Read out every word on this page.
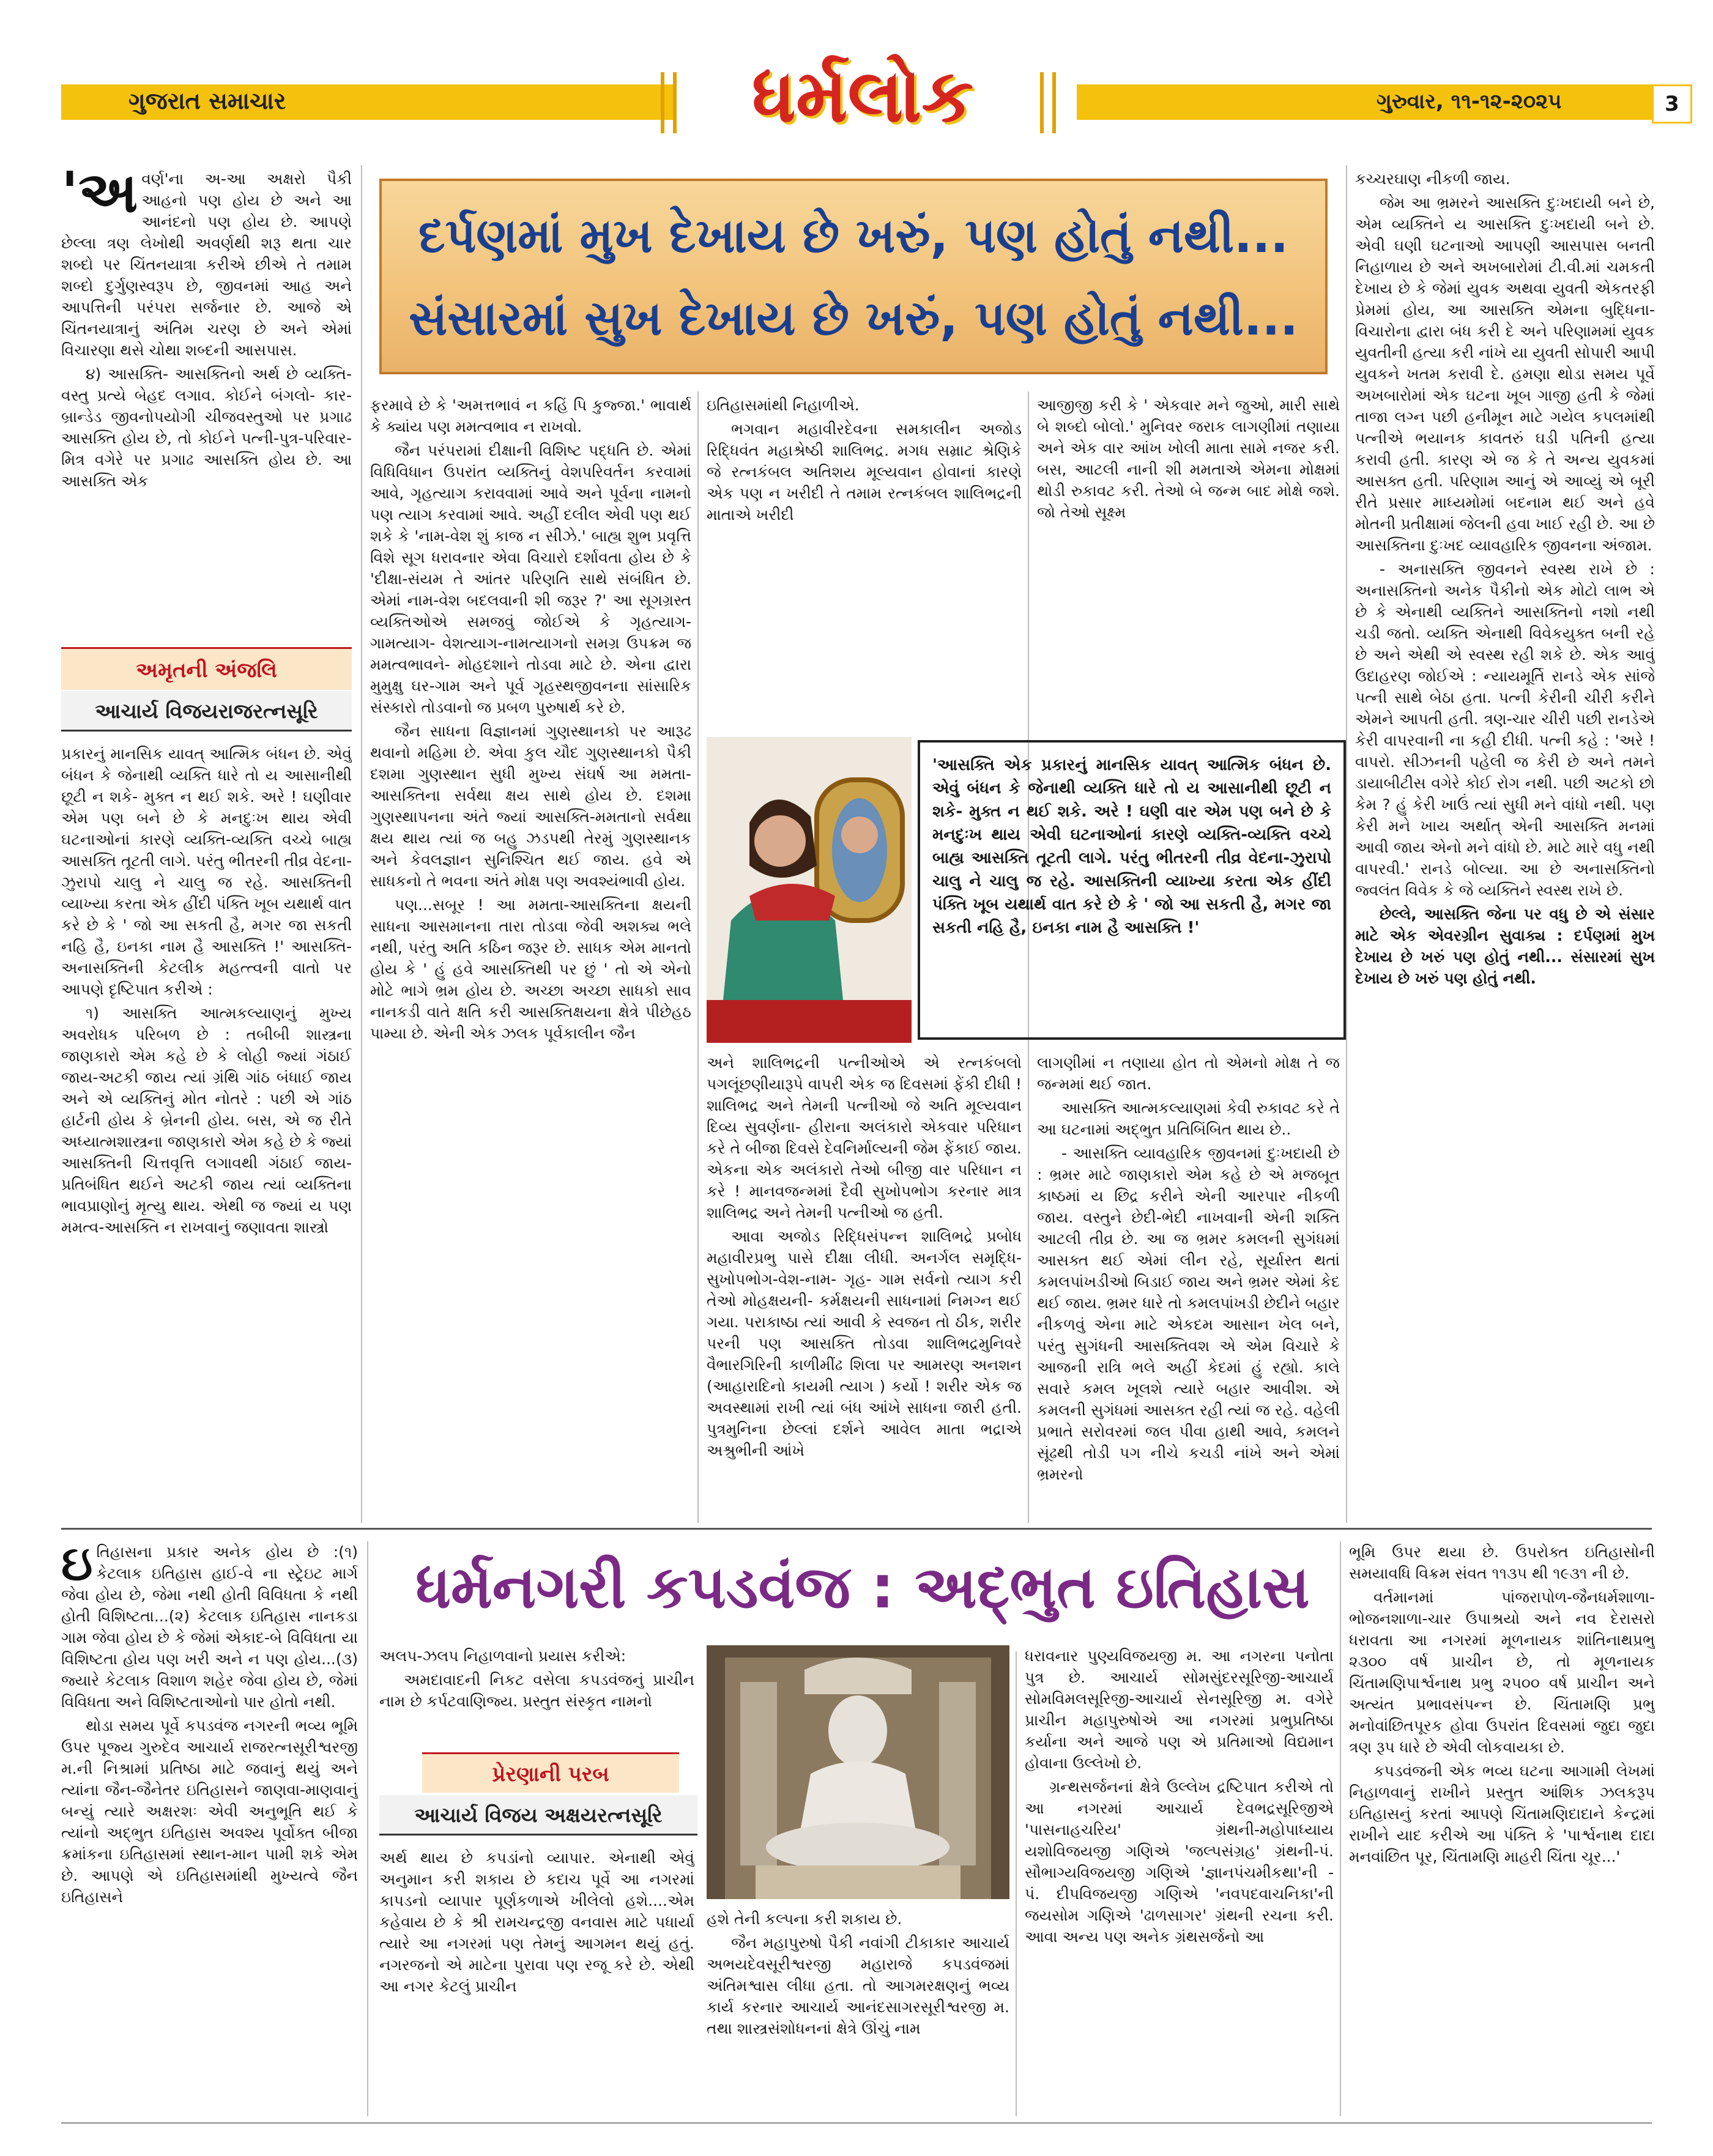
ગુજરાત સમાચાર	ધર્મલોક	ગુરુવાર, ૧૧-૧૨-૨૦૨૫	3
દર્પણમાં મુખ દેખાય છે ખરું, પણ હોતું નથી...
સંસારમાં સુખ દેખાય છે ખરું, પણ હોતું નથી...
'અ વર્ણ'ના અ-આ અક્ષરો પૈકી આહનો પણ હોય છે અને આ આનંદનો પણ હોય છે. આપણે છેલ્લા ત્રણ લેખોથી અવર્ણથી શરૂ થતા ચાર શબ્દો પર ચિંતનયાત્રા કરીએ છીએ તે તમામ શબ્દો દુર્ગુણસ્વરૂપ છે, જીવનમાં આહ અને આપત્તિની પરંપરા સર્જનાર છે. આજે એ ચિંતનયાત્રાનું અંતિમ ચરણ છે અને એમાં વિચારણા થસે ચોથા શબ્દની આસપાસ.

૪) આસક્તિ- આસક્તિનો અર્થ છે વ્યક્તિ-વસ્તુ પ્રત્યે બેહદ લગાવ. કોઈને બંગલો- કાર- બ્રાન્ડેડ જીવનોપયોગી ચીજવસ્તુઓ પર પ્રગાઢ આસક્તિ હોય છે, તો કોઈને પત્ની-પુત્ર-પરિવાર- મિત્ર વગેરે પર પ્રગાઢ આસક્તિ હોય છે. આ આસક્તિ એક

અમૃતની અંજલિ
આચાર્ય વિજયરાજરત્નસૂરિ

પ્રકારનું માનસિક યાવત્ આત્મિક બંધન છે. એવું બંધન કે જેનાથી વ્યક્તિ ધારે તો ય આસાનીથી છૂટી ન શકે- મુક્ત ન થઈ શકે. અરે ! ઘણીવાર એમ પણ બને છે કે મનદુઃખ થાય એવી ઘટનાઓનાં કારણે વ્યક્તિ-વ્યક્તિ વચ્ચે બાહ્ય આસક્તિ તૂટતી લાગે. પરંતુ ભીતરની તીવ્ર વેદના-ઝુરાપો ચાલુ ને ચાલુ જ રહે. આસક્તિની વ્યાખ્યા કરતા એક હીંદી પંક્તિ ખૂબ યથાર્થ વાત કરે છે કે ' જો આ સકતી હૈ, મગર જા સકતી નહિ હૈ, ઇનકા નામ હૈ આસક્તિ !' આસક્તિ-અનાસક્તિની કેટલીક મહત્ત્વની વાતો પર આપણે દૃષ્ટિપાત કરીએ :

૧) આસક્તિ આત્મકલ્યાણનું મુખ્ય અવરોધક પરિબળ છે : તબીબી શાસ્ત્રના જાણકારો એમ કહે છે કે લોહી જ્યાં ગંઠાઈ જાય-અટકી જાય ત્યાં ગ્રંથિ ગાંઠ બંધાઈ જાય અને એ વ્યક્તિનું મોત નોતરે : પછી એ ગાંઠ હાર્ટની હોય કે બ્રેનની હોય. બસ, એ જ રીતે અધ્યાત્મશાસ્ત્રના જાણકારો એમ કહે છે કે જ્યાં આસક્તિની ચિત્તવૃત્તિ લગાવથી ગંઠાઈ જાય- પ્રતિબંધિત થઈને અટકી જાય ત્યાં વ્યક્તિના ભાવપ્રાણોનું મૃત્યુ થાય. એથી જ જ્યાં ય પણ મમત્વ-આસક્તિ ન રાખવાનું જણાવતા શાસ્ત્રો

ફરમાવે છે કે 'અમત્તભાવં ન કહિં પિ કુજ્જા.' ભાવાર્થ કે ક્યાંય પણ મમત્વભાવ ન રાખવો.

જૈન પરંપરામાં દીક્ષાની વિશિષ્ટ પદ્ધતિ છે. એમાં વિધિવિધાન ઉપરાંત વ્યક્તિનું વેશપરિવર્તન કરવામાં આવે, ગૃહત્યાગ કરાવવામાં આવે અને પૂર્વના નામનો પણ ત્યાગ કરવામાં આવે. અહીં દલીલ એવી પણ થઈ શકે કે 'નામ-વેશ શું કાજ ન સીઝે.' બાહ્ય શુભ પ્રવૃત્તિ વિશે સૂગ ધરાવનાર એવા વિચારો દર્શાવતા હોય છે કે 'દીક્ષા-સંયમ તે આંતર પરિણતિ સાથે સંબંધિત છે. એમાં નામ-વેશ બદલવાની શી જરૂર ?' આ સૂગગ્રસ્ત વ્યક્તિઓએ સમજવું જોઈએ કે ગૃહત્યાગ- ગામત્યાગ- વેશત્યાગ-નામત્યાગનો સમગ્ર ઉપક્રમ જ મમત્વભાવને- મોહદશાને તોડવા માટે છે. એના દ્વારા મુમુક્ષુ ઘર-ગામ અને પૂર્વ ગૃહસ્થજીવનના સાંસારિક સંસ્કારો તોડવાનો જ પ્રબળ પુરુષાર્થ કરે છે.

જૈન સાધના વિજ્ઞાનમાં ગુણસ્થાનકો પર આરૂઢ થવાનો મહિમા છે. એવા કુલ ચૌદ ગુણસ્થાનકો પૈકી દશમા ગુણસ્થાન સુધી મુખ્ય સંઘર્ષ આ મમતા-આસક્તિના સર્વથા ક્ષય સાથે હોય છે. દશમા ગુણસ્થાપનના અંતે જ્યાં આસક્તિ-મમતાનો સર્વથા ક્ષય થાય ત્યાં જ બહુ ઝડપથી તેરમું ગુણસ્થાનક અને કેવલજ્ઞાન સુનિશ્ચિત થઈ જાય. હવે એ સાધકનો તે ભવના અંતે મોક્ષ પણ અવશ્યંભાવી હોય.

પણ...સબૂર ! આ મમતા-આસક્તિના ક્ષયની સાધના આસમાનના તારા તોડવા જેવી અશક્ય ભલે નથી, પરંતુ અતિ કઠિન જરૂર છે. સાધક એમ માનતો હોય કે ' હું હવે આસક્તિથી પર છું ' તો એ એનો મોટે ભાગે ભ્રમ હોય છે. અચ્છા અચ્છા સાધકો સાવ નાનકડી વાતે ક્ષતિ કરી આસક્તિક્ષયના ક્ષેત્રે પીછેહઠ પામ્યા છે. એની એક ઝલક પૂર્વકાલીન જૈન

ઇતિહાસમાંથી નિહાળીએ.

ભગવાન મહાવીરદેવના સમકાલીન અજોડ રિદ્ધિવંત મહાશ્રેષ્ઠી શાલિભદ્ર. મગધ સમ્રાટ શ્રેણિકે જે રત્નકંબલ અતિશય મૂલ્યવાન હોવાનાં કારણે એક પણ ન ખરીદી તે તમામ રત્નકંબલ શાલિભદ્રની માતાએ ખરીદી

આજીજી કરી કે ' એકવાર મને જુઓ, મારી સાથે બે શબ્દો બોલો.' મુનિવર જરાક લાગણીમાં તણાયા અને એક વાર આંખ ખોલી માતા સામે નજર કરી. બસ, આટલી નાની શી મમતાએ એમના મોક્ષમાં થોડી રુકાવટ કરી. તેઓ બે જન્મ બાદ મોક્ષે જશે. જો તેઓ સૂક્ષ્મ

'આસક્તિ એક પ્રકારનું માનસિક યાવત્ આત્મિક બંધન છે. એવું બંધન કે જેનાથી વ્યક્તિ ધારે તો ય આસાનીથી છૂટી ન શકે- મુક્ત ન થઈ શકે. અરે ! ઘણી વાર એમ પણ બને છે કે મનદુઃખ થાય એવી ઘટનાઓનાં કારણે વ્યક્તિ-વ્યક્તિ વચ્ચે બાહ્ય આસક્તિ તૂટતી લાગે. પરંતુ ભીતરની તીવ્ર વેદના-ઝુરાપો ચાલુ ને ચાલુ જ રહે. આસક્તિની વ્યાખ્યા કરતા એક હીંદી પંક્તિ ખૂબ યથાર્થ વાત કરે છે કે ' જો આ સકતી હૈ, મગર જા સકતી નહિ હૈ, ઇનકા નામ હૈ આસક્તિ !'

અને શાલિભદ્રની પત્નીઓએ એ રત્નકંબલો પગલૂંછણીયારૂપે વાપરી એક જ દિવસમાં ફેંકી દીધી ! શાલિભદ્ર અને તેમની પત્નીઓ જે અતિ મૂલ્યવાન દિવ્ય સુવર્ણના- હીરાના અલંકારો એકવાર પરિધાન કરે તે બીજા દિવસે દેવનિર્માલ્યની જેમ ફેંકાઈ જાય. એકના એક અલંકારો તેઓ બીજી વાર પરિધાન ન કરે ! માનવજન્મમાં દૈવી સુખોપભોગ કરનાર માત્ર શાલિભદ્ર અને તેમની પત્નીઓ જ હતી.

આવા અજોડ રિદ્ધિસંપન્ન શાલિભદ્રે પ્રબોધ મહાવીરપ્રભુ પાસે દીક્ષા લીધી. અનર્ગલ સમૃદ્ધિ-સુખોપભોગ-વેશ-નામ- ગૃહ- ગામ સર્વનો ત્યાગ કરી તેઓ મોહક્ષયની- કર્મક્ષયની સાધનામાં નિમગ્ન થઈ ગયા. પરાકાષ્ઠા ત્યાં આવી કે સ્વજન તો ઠીક, શરીર પરની પણ આસક્તિ તોડવા શાલિભદ્રમુનિવરે વૈભારગિરિની કાળીમીંઢ શિલા પર આમરણ અનશન (આહારાદિનો કાયમી ત્યાગ ) કર્યો ! શરીર એક જ અવસ્થામાં રાખી ત્યાં બંધ આંખે સાધના જારી હતી. પુત્રમુનિના છેલ્લાં દર્શને આવેલ માતા ભદ્રાએ અશ્રુભીની આંખે

લાગણીમાં ન તણાયા હોત તો એમનો મોક્ષ તે જ જન્મમાં થઈ જાત.

આસક્તિ આત્મકલ્યાણમાં કેવી રુકાવટ કરે તે આ ઘટનામાં અદ્ભુત પ્રતિબિંબિત થાય છે..

- આસક્તિ વ્યાવહારિક જીવનમાં દુઃખદાયી છે : ભ્રમર માટે જાણકારો એમ કહે છે એ મજબૂત કાષ્ઠમાં ય છિદ્ર કરીને એની આરપાર નીકળી જાય. વસ્તુને છેદી-ભેદી નાખવાની એની શક્તિ આટલી તીવ્ર છે. આ જ ભ્રમર કમલની સુગંધમાં આસક્ત થઈ એમાં લીન રહે, સૂર્યાસ્ત થતાં કમલપાંખડીઓ બિડાઈ જાય અને ભ્રમર એમાં કેદ થઈ જાય. ભ્રમર ધારે તો કમલપાંખડી છેદીને બહાર નીકળવું એના માટે એકદમ આસાન ખેલ બને, પરંતુ સુગંધની આસક્તિવશ એ એમ વિચારે કે આજની રાત્રિ ભલે અહીં કેદમાં હું રહ્યો. કાલે સવારે કમલ ખૂલશે ત્યારે બહાર આવીશ. એ કમલની સુગંધમાં આસક્ત રહી ત્યાં જ રહે. વહેલી પ્રભાતે સરોવરમાં જલ પીવા હાથી આવે, કમલને સૂંઢથી તોડી પગ નીચે કચડી નાંખે અને એમાં ભ્રમરનો

કચ્ચરઘાણ નીકળી જાય.

જેમ આ ભ્રમરને આસક્તિ દુઃખદાયી બને છે, એમ વ્યક્તિને ય આસક્તિ દુઃખદાયી બને છે. એવી ઘણી ઘટનાઓ આપણી આસપાસ બનતી નિહાળાય છે અને અખબારોમાં ટી.વી.માં ચમકતી દેખાય છે કે જેમાં યુવક અથવા યુવતી એકતરફી પ્રેમમાં હોય, આ આસક્તિ એમના બુદ્ધિના- વિચારોના દ્વારા બંધ કરી દે અને પરિણામમાં યુવક યુવતીની હત્યા કરી નાંખે યા યુવતી સોપારી આપી યુવકને ખતમ કરાવી દે. હમણા થોડા સમય પૂર્વે અખબારોમાં એક ઘટના ખૂબ ગાજી હતી કે જેમાં તાજા લગ્ન પછી હનીમૂન માટે ગયેલ કપલમાંથી પત્નીએ ભયાનક કાવતરું ઘડી પતિની હત્યા કરાવી હતી. કારણ એ જ કે તે અન્ય યુવકમાં આસક્ત હતી. પરિણામ આનું એ આવ્યું એ બૂરી રીતે પ્રસાર માધ્યમોમાં બદનામ થઈ અને હવે મોતની પ્રતીક્ષામાં જેલની હવા ખાઈ રહી છે. આ છે આસક્તિના દુઃખદ વ્યાવહારિક જીવનના અંજામ.

- અનાસક્તિ જીવનને સ્વસ્થ રાખે છે : અનાસક્તિનો અનેક પૈકીનો એક મોટો લાભ એ છે કે એનાથી વ્યક્તિને આસક્તિનો નશો નથી ચડી જતો. વ્યક્તિ એનાથી વિવેકયુક્ત બની રહે છે અને એથી એ સ્વસ્થ રહી શકે છે. એક આવું ઉદાહરણ જોઈએ : ન્યાયમૂર્તિ રાનડે એક સાંજે પત્ની સાથે બેઠા હતા. પત્ની કેરીની ચીરી કરીને એમને આપતી હતી. ત્રણ-ચાર ચીરી પછી રાનડેએ કેરી વાપરવાની ના કહી દીધી. પત્ની કહે : 'અરે ! વાપરો. સીઝનની પહેલી જ કેરી છે અને તમને ડાયાબીટીસ વગેરે કોઈ રોગ નથી. પછી અટકો છો કેમ ? હું કેરી ખાઉં ત્યાં સુધી મને વાંધો નથી. પણ કેરી મને ખાય અર્થાત્ એની આસક્તિ મનમાં આવી જાય એનો મને વાંધો છે. માટે મારે વધુ નથી વાપરવી.' રાનડે બોલ્યા. આ છે અનાસક્તિનો જ્વલંત વિવેક કે જે વ્યક્તિને સ્વસ્થ રાખે છે.

છેલ્લે, આસક્તિ જેના પર વધુ છે એ સંસાર માટે એક એવરગ્રીન સુવાક્ય : દર્પણમાં મુખ દેખાય છે ખરું પણ હોતું નથી... સંસારમાં સુખ દેખાય છે ખરું પણ હોતું નથી.

ધર્મનગરી કપડવંજ : અદ્ભુત ઇતિહાસ
ઇ તિહાસના પ્રકાર અનેક હોય છે :(૧) કેટલાક ઇતિહાસ હાઈ-વે ના સ્ટ્રેઇટ માર્ગ જેવા હોય છે, જેમા નથી હોતી વિવિધતા કે નથી હોતી વિશિષ્ટતા...(૨) કેટલાક ઇતિહાસ નાનકડા ગામ જેવા હોય છે કે જેમાં એકાદ-બે વિવિધતા યા વિશિષ્ટતા હોય પણ ખરી અને ન પણ હોય...(૩) જ્યારે કેટલાક વિશાળ શહેર જેવા હોય છે, જેમાં વિવિધતા અને વિશિષ્ટતાઓનો પાર હોતો નથી.

થોડા સમય પૂર્વે કપડવંજ નગરની ભવ્ય ભૂમિ ઉપર પૂજ્ય ગુરુદેવ આચાર્ય રાજરત્નસૂરીશ્વરજી મ.ની નિશ્રામાં પ્રતિષ્ઠા માટે જવાનું થયું અને ત્યાંના જૈન-જૈનેતર ઇતિહાસને જાણવા-માણવાનું બન્યું ત્યારે અક્ષરશઃ એવી અનુભૂતિ થઈ કે ત્યાંનો અદ્ભુત ઇતિહાસ અવશ્ય પૂર્વોક્ત બીજા ક્રમાંકના ઇતિહાસમાં સ્થાન-માન પામી શકે એમ છે. આપણે એ ઇતિહાસમાંથી મુખ્યત્વે જૈન ઇતિહાસને

અલપ-ઝલપ નિહાળવાનો પ્રયાસ કરીએ:

અમદાવાદની નિકટ વસેલા કપડવંજનું પ્રાચીન નામ છે કર્પટવાણિજ્ય. પ્રસ્તુત સંસ્કૃત નામનો

પ્રેરણાની પરબ
આચાર્ય વિજય અક્ષયરત્નસૂરિ

અર્થ થાય છે કપડાંનો વ્યાપાર. એનાથી એવું અનુમાન કરી શકાય છે કદાચ પૂર્વે આ નગરમાં કાપડનો વ્યાપાર પૂર્ણકળાએ ખીલેલો હશે....એમ કહેવાય છે કે શ્રી રામચન્દ્રજી વનવાસ માટે પધાર્યા ત્યારે આ નગરમાં પણ તેમનું આગમન થયું હતું. નગરજનો એ માટેના પુરાવા પણ રજૂ કરે છે. એથી આ નગર કેટલું પ્રાચીન

હશે તેની કલ્પના કરી શકાય છે.

જૈન મહાપુરુષો પૈકી નવાંગી ટીકાકાર આચાર્ય અભયદેવસૂરીશ્વરજી મહારાજે કપડવંજમાં અંતિમશ્વાસ લીધા હતા. તો આગમરક્ષણનું ભવ્ય કાર્ય કરનાર આચાર્ય આનંદસાગરસૂરીશ્વરજી મ. તથા શાસ્ત્રસંશોધનનાં ક્ષેત્રે ઊંચું નામ

ધરાવનાર પુણ્યવિજયજી મ. આ નગરના પનોતા પુત્ર છે. આચાર્ય સોમસુંદરસૂરિજી-આચાર્ય સોમવિમલસૂરિજી-આચાર્ય સેનસૂરિજી મ. વગેરે પ્રાચીન મહાપુરુષોએ આ નગરમાં પ્રભુપ્રતિષ્ઠા કર્યાના અને આજે પણ એ પ્રતિમાઓ વિદ્યમાન હોવાના ઉલ્લેખો છે.

ગ્રન્થસર્જનનાં ક્ષેત્રે ઉલ્લેખ દ્રષ્ટિપાત કરીએ તો આ નગરમાં આચાર્ય દેવભદ્રસૂરિજીએ 'પાસનાહચરિય' ગ્રંથની-મહોપાધ્યાય યશોવિજયજી ગણિએ 'જલ્પસંગ્રહ' ગ્રંથની-પં. સૌભાગ્યવિજયજી ગણિએ 'જ્ઞાનપંચમીકથા'ની - પં. દીપવિજયજી ગણિએ 'નવપદવાચનિકા'ની જયસોમ ગણિએ 'ઢાળસાગર' ગ્રંથની રચના કરી. આવા અન્ય પણ અનેક ગ્રંથસર્જનો આ

ભૂમિ ઉપર થયા છે. ઉપરોક્ત ઇતિહાસોની સમયાવધિ વિક્રમ સંવત ૧૧૩૫ થી ૧૯૩૧ ની છે.

વર્તમાનમાં પાંજરાપોળ-જૈનધર્મશાળા-ભોજનશાળા-ચાર ઉપાશ્રયો અને નવ દેરાસરો ધરાવતા આ નગરમાં મૂળનાયક શાંતિનાથપ્રભુ ૨૩૦૦ વર્ષ પ્રાચીન છે, તો મૂળનાયક ચિંતામણિપાર્શ્વનાથ પ્રભુ ૨૫૦૦ વર્ષ પ્રાચીન અને અત્યંત પ્રભાવસંપન્ન છે. ચિંતામણિ પ્રભુ મનોવાંછિતપૂરક હોવા ઉપરાંત દિવસમાં જુદા જુદા ત્રણ રૂપ ધારે છે એવી લોકવાયકા છે.

કપડવંજની એક ભવ્ય ઘટના આગામી લેખમાં નિહાળવાનું રાખીને પ્રસ્તુત આંશિક ઝલકરૂપ ઇતિહાસનું કરતાં આપણે ચિંતામણિદાદાને કેન્દ્રમાં રાખીને યાદ કરીએ આ પંક્તિ કે 'પાર્શ્વનાથ દાદા મનવાંછિત પૂર, ચિંતામણિ માહરી ચિંતા ચૂર...'
